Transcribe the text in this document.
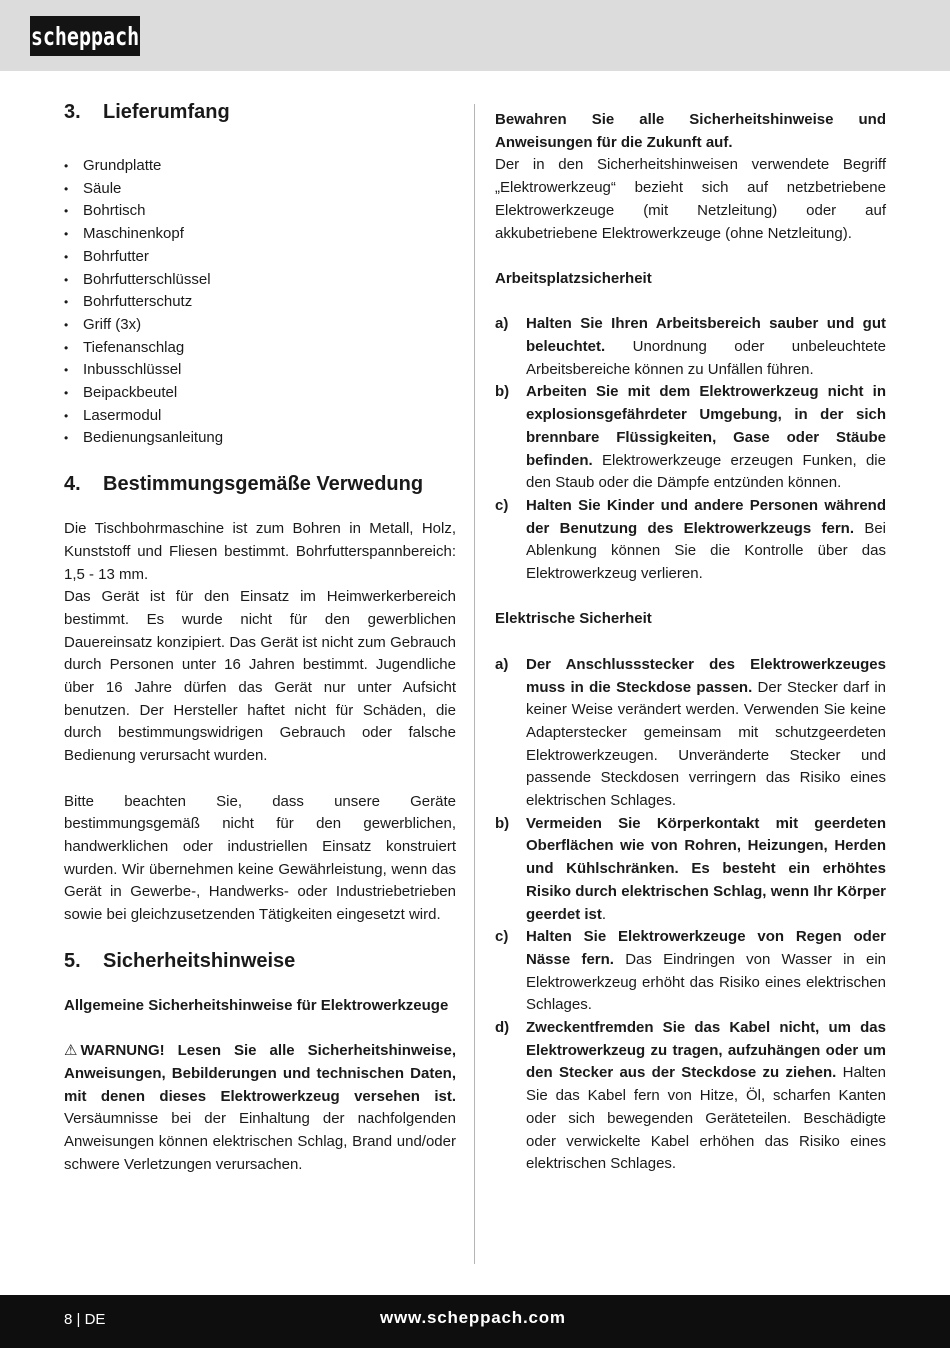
scheppach
3.	Lieferumfang
• Grundplatte
• Säule
• Bohrtisch
• Maschinenkopf
• Bohrfutter
• Bohrfutterschlüssel
• Bohrfutterschutz
• Griff (3x)
• Tiefenanschlag
• Inbusschlüssel
• Beipackbeutel
• Lasermodul
• Bedienungsanleitung
4.	Bestimmungsgemäße Verwedung

Die Tischbohrmaschine ist zum Bohren in Metall, Holz, Kunststoff und Fliesen bestimmt. Bohrfutterspannbereich: 1,5 - 13 mm.

Das Gerät ist für den Einsatz im Heimwerkerbereich bestimmt. Es wurde nicht für den gewerblichen Dauereinsatz konzipiert. Das Gerät ist nicht zum Gebrauch durch Personen unter 16 Jahren bestimmt. Jugendliche über 16 Jahre dürfen das Gerät nur unter Aufsicht benutzen. Der Hersteller haftet nicht für Schäden, die durch bestimmungswidrigen Gebrauch oder falsche Bedienung verursacht wurden.

Bitte beachten Sie, dass unsere Geräte bestimmungsgemäß nicht für den gewerblichen, handwerklichen oder industriellen Einsatz konstruiert wurden. Wir übernehmen keine Gewährleistung, wenn das Gerät in Gewerbe-, Handwerks- oder Industriebetrieben sowie bei gleichzusetzenden Tätigkeiten eingesetzt wird.

5.	Sicherheitshinweise

Allgemeine Sicherheitshinweise für Elektrowerkzeuge

⚠ WARNUNG! Lesen Sie alle Sicherheitshinweise, Anweisungen, Bebilderungen und technischen Daten, mit denen dieses Elektrowerkzeug versehen ist. Versäumnisse bei der Einhaltung der nachfolgenden Anweisungen können elektrischen Schlag, Brand und/oder schwere Verletzungen verursachen.

Bewahren Sie alle Sicherheitshinweise und Anweisungen für die Zukunft auf.

Der in den Sicherheitshinweisen verwendete Begriff „Elektrowerkzeug“ bezieht sich auf netzbetriebene Elektrowerkzeuge (mit Netzleitung) oder auf akkubetriebene Elektrowerkzeuge (ohne Netzleitung).

Arbeitsplatzsicherheit

a)	Halten Sie Ihren Arbeitsbereich sauber und gut beleuchtet. Unordnung oder unbeleuchtete Arbeitsbereiche können zu Unfällen führen.
b)	Arbeiten Sie mit dem Elektrowerkzeug nicht in explosionsgefährdeter Umgebung, in der sich brennbare Flüssigkeiten, Gase oder Stäube befinden. Elektrowerkzeuge erzeugen Funken, die den Staub oder die Dämpfe entzünden können.
c)	Halten Sie Kinder und andere Personen während der Benutzung des Elektrowerkzeugs fern. Bei Ablenkung können Sie die Kontrolle über das Elektrowerkzeug verlieren.

Elektrische Sicherheit

a)	Der Anschlussstecker des Elektrowerkzeuges muss in die Steckdose passen. Der Stecker darf in keiner Weise verändert werden. Verwenden Sie keine Adapterstecker gemeinsam mit schutzgeerdeten Elektrowerkzeugen. Unveränderte Stecker und passende Steckdosen verringern das Risiko eines elektrischen Schlages.
b)	Vermeiden Sie Körperkontakt mit geerdeten Oberflächen wie von Rohren, Heizungen, Herden und Kühlschränken. Es besteht ein erhöhtes Risiko durch elektrischen Schlag, wenn Ihr Körper geerdet ist.
c)	Halten Sie Elektrowerkzeuge von Regen oder Nässe fern. Das Eindringen von Wasser in ein Elektrowerkzeug erhöht das Risiko eines elektrischen Schlages.
d)	Zweckentfremden Sie das Kabel nicht, um das Elektrowerkzeug zu tragen, aufzuhängen oder um den Stecker aus der Steckdose zu ziehen. Halten Sie das Kabel fern von Hitze, Öl, scharfen Kanten oder sich bewegenden Geräteteilen. Beschädigte oder verwickelte Kabel erhöhen das Risiko eines elektrischen Schlages.
8 | DE	www.scheppach.com
